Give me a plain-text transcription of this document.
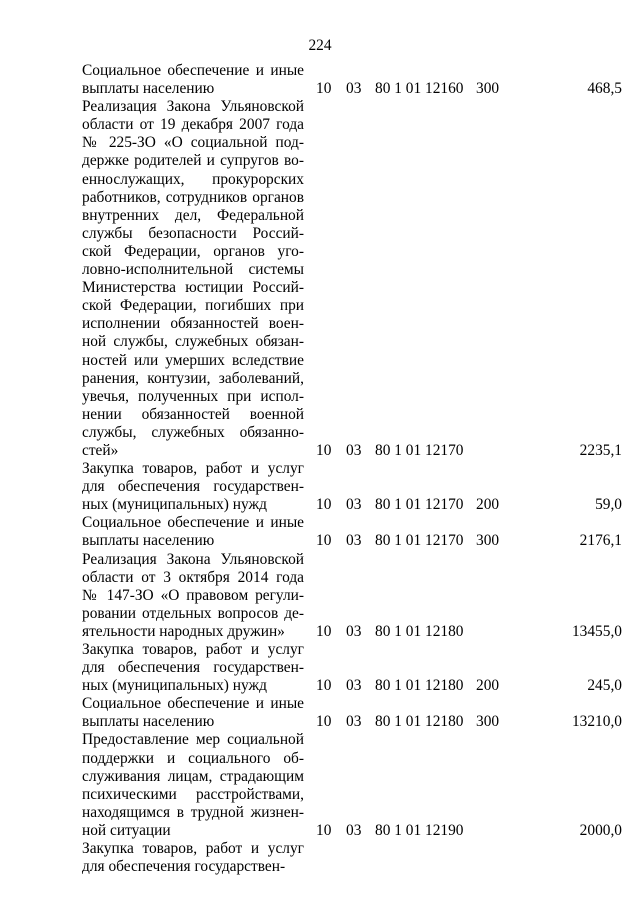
224
Социальное обеспечение и иные
выплаты населению	10 03 80 1 01 12160 300	468,5
Реализация Закона Ульяновской
области от 19 декабря 2007 года
№ 225-ЗО «О социальной под-
держке родителей и супругов во-
еннослужащих, прокурорских
работников, сотрудников органов
внутренних дел, Федеральной
службы безопасности Россий-
ской Федерации, органов уго-
ловно-исполнительной системы
Министерства юстиции Россий-
ской Федерации, погибших при
исполнении обязанностей воен-
ной службы, служебных обязан-
ностей или умерших вследствие
ранения, контузии, заболеваний,
увечья, полученных при испол-
нении обязанностей военной
службы, служебных обязанно-
стей»	10 03 80 1 01 12170	2235,1
Закупка товаров, работ и услуг
для обеспечения государствен-
ных (муниципальных) нужд	10 03 80 1 01 12170 200	59,0
Социальное обеспечение и иные
выплаты населению	10 03 80 1 01 12170 300	2176,1
Реализация Закона Ульяновской
области от 3 октября 2014 года
№ 147-ЗО «О правовом регули-
ровании отдельных вопросов де-
ятельности народных дружин»	10 03 80 1 01 12180	13455,0
Закупка товаров, работ и услуг
для обеспечения государствен-
ных (муниципальных) нужд	10 03 80 1 01 12180 200	245,0
Социальное обеспечение и иные
выплаты населению	10 03 80 1 01 12180 300	13210,0
Предоставление мер социальной
поддержки и социального об-
служивания лицам, страдающим
психическими расстройствами,
находящимся в трудной жизнен-
ной ситуации	10 03 80 1 01 12190	2000,0
Закупка товаров, работ и услуг
для обеспечения государствен-
